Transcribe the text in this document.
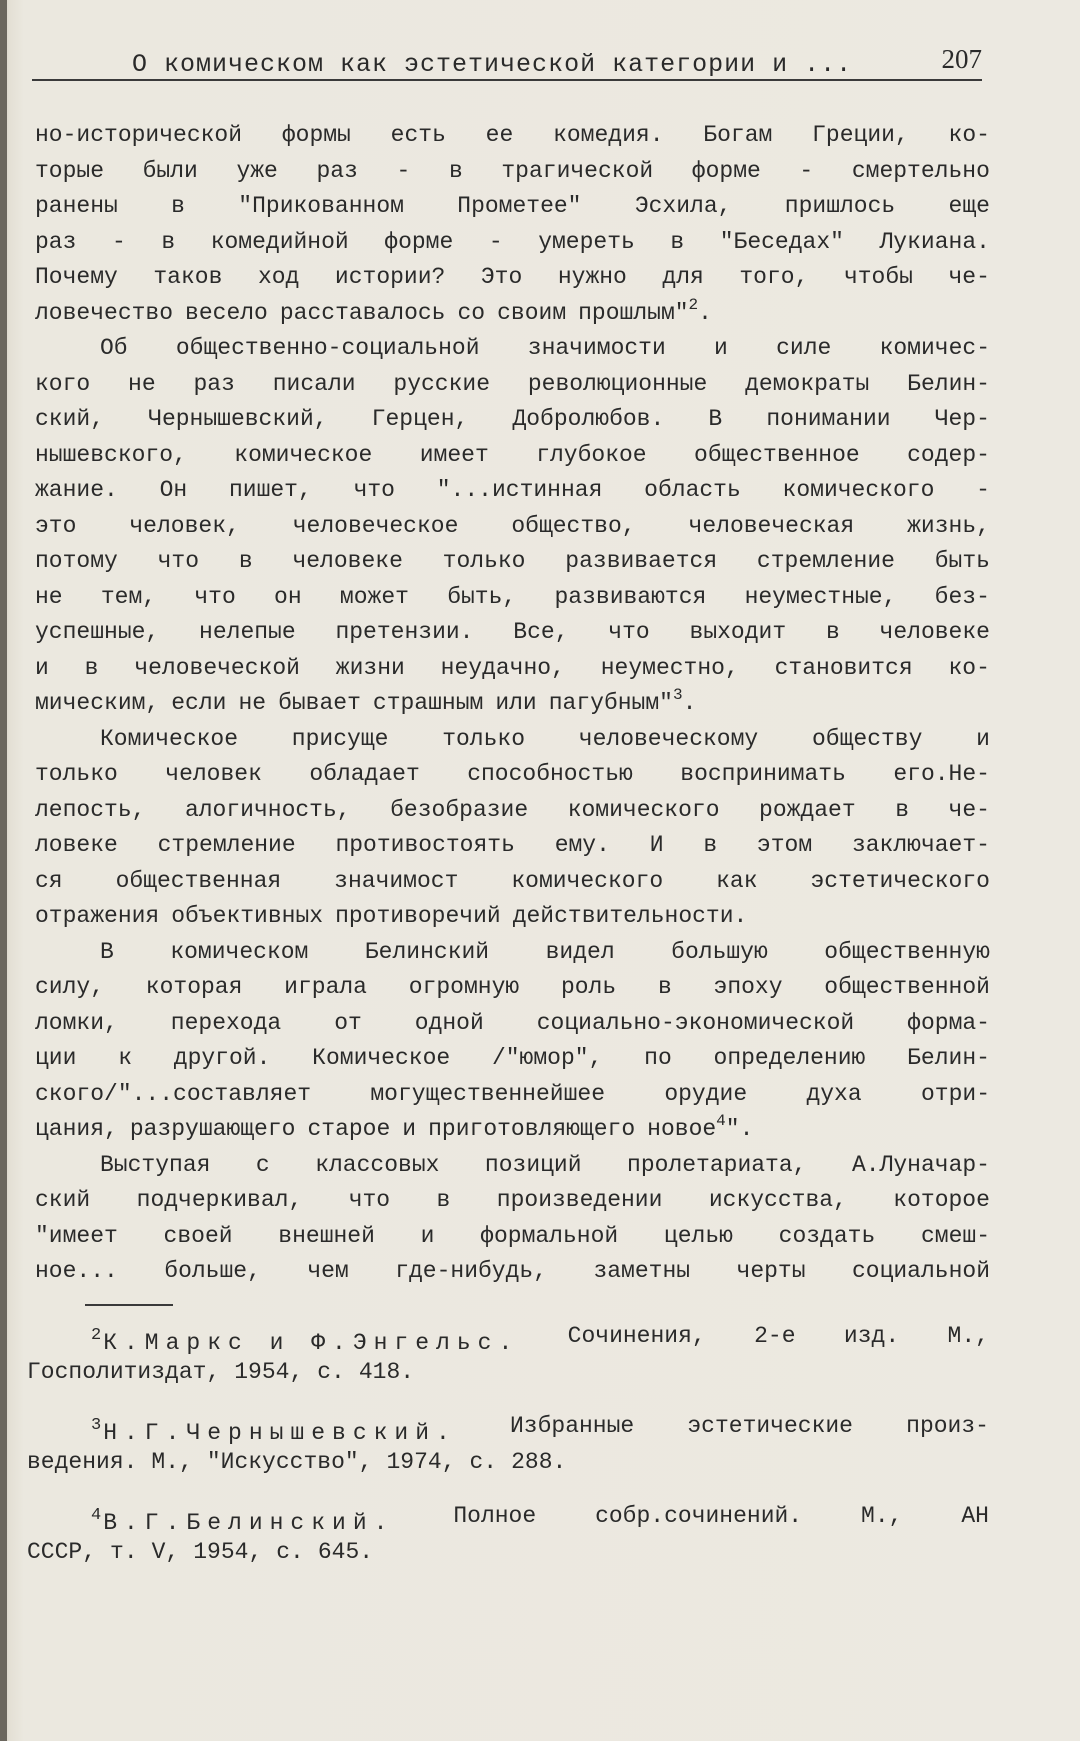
О комическом как эстетической категории и ...	207
но-исторической формы есть ее комедия. Богам Греции, ко-
торые были уже раз - в трагической форме - смертельно
ранены в "Прикованном Прометее" Эсхила, пришлось еще
раз - в комедийной форме - умереть в "Беседах" Лукиана.
Почему таков ход истории? Это нужно для того, чтобы че-
ловечество весело расставалось со своим прошлым"$^2$.
Об общественно-социальной значимости и силе комичес-
кого не раз писали русские революционные демократы Белин-
ский, Чернышевский, Герцен, Добролюбов. В понимании Чер-
нышевского, комическое имеет глубокое общественное содер-
жание. Он пишет, что "...истинная область комического -
это человек, человеческое общество, человеческая жизнь,
потому что в человеке только развивается стремление быть
не тем, что он может быть, развиваются неуместные, без-
успешные, нелепые претензии. Все, что выходит в человеке
и в человеческой жизни неудачно, неуместно, становится ко-
мическим, если не бывает страшным или пагубным"$^3$.
Комическое присуще только человеческому обществу и
только человек обладает способностью воспринимать его.Не-
лепость, алогичность, безобразие комического рождает в че-
ловеке стремление противостоять ему. И в этом заключает-
ся общественная значимост комического как эстетического
отражения объективных противоречий действительности.
В комическом Белинский видел большую общественную
силу, которая играла огромную роль в эпоху общественной
ломки, перехода от одной социально-экономической форма-
ции к другой. Комическое /"юмор", по определению Белин-
ского/"...составляет	могущественнейшее	орудие	духа	отри-
цания, разрушающего старое и приготовляющего новое$^4$".
Выступая с классовых позиций пролетариата, А.Луначар-
ский подчеркивал, что в произведении искусства, которое
"имеет своей внешней и формальной целью создать смеш-
ное... больше, чем где-нибудь, заметны черты социальной
$^2$К.Маркс и Ф.Энгельс. Сочинения, 2-е изд. М.,
Госполитиздат, 1954, с. 418.
$^3$Н.Г.Чернышевский. Избранные эстетические произ-
ведения. М., "Искусство", 1974, с. 288.
$^4$В.Г.Белинский.	Полное	собр.сочинений.	М.,	АН
СССР, т. V, 1954, с. 645.
